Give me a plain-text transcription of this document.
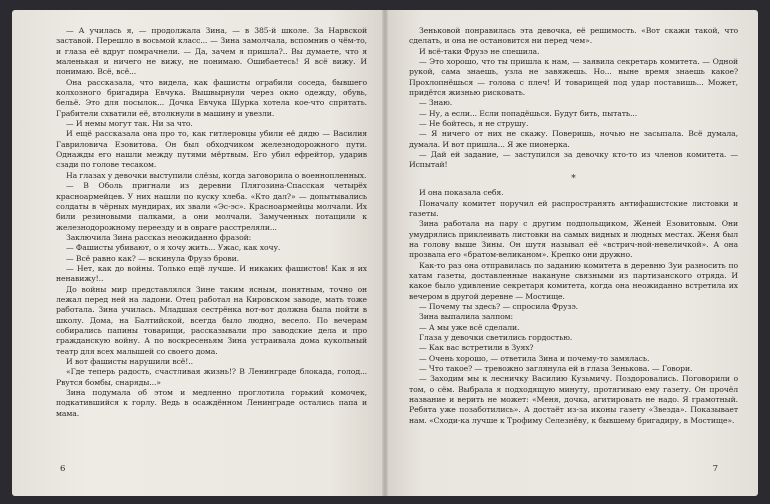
— А училась я, — продолжала Зина, — в 385-й школе. За Нарвской заставой. Перешло в восьмой класс... — Зина замолчала, вспомнив о чём-то, и глаза её вдруг помрачнели. — Да, зачем я пришла?.. Вы думаете, что я маленькая и ничего не вижу, не понимаю. Ошибаетесь! Я всё вижу. И понимаю. Всё, всё...

Она рассказала, что видела, как фашисты ограбили соседа, бывшего колхозного бригадира Евчука. Вышвырнули через окно одежду, обувь, бельё. Это для посылок... Дочка Евчука Шурка хотела кое-что спрятать. Грабители схватили её, втолкнули в машину и увезли.

— И немы могут так. Ни за что.

И ещё рассказала она про то, как гитлеровцы убили её дядю — Василия Гавриловича Езовитова. Он был обходчиком железнодорожного пути. Однажды его нашли между путями мёртвым. Его убил ефрейтор, ударив сзади по голове тесаком.

На глазах у девочки выступили слёзы, когда заговорила о военнопленных.

— В Оболь пригнали из деревни Плягозина-Спасская четырёх красноармейцев. У них нашли по куску хлеба. «Кто дал?» — допытывались солдаты в чёрных мундирах, их звали «Эс-эс». Красноармейцы молчали. Их били резиновыми палками, а они молчали. Замученных потащили к железнодорожному переезду и в овраге расстреляли...

Заключила Зина рассказ неожиданно фразой:

— Фашисты убивают, о я хочу жить... Ужас, как хочу.

— Всё равно как? — вскинула Фрузэ брови.

— Нет, как до войны. Только ещё лучше. И никаких фашистов! Как я их ненавижу!..

До войны мир представлялся Зине таким ясным, понятным, точно он лежал перед ней на ладони. Отец работал на Кировском заводе, мать тоже работала. Зина училась. Младшая сестрёнка вот-вот должна была пойти в школу. Дома, на Балтийской, всегда было людно, весело. По вечерам собирались папины товарищи, рассказывали про заводские дела и про гражданскую войну. А по воскресеньям Зина устраивала дома кукольный театр для всех малышей со своего дома.

И вот фашисты нарушили всё!..

«Где теперь радость, счастливая жизнь!? В Ленинграде блокада, голод... Рвутся бомбы, снаряды...»

Зина подумала об этом и медленно проглотила горький комочек, подкатившийся к горлу. Ведь в осаждённом Ленинграде остались папа и мама.

6

Зеньковой понравилась эта девочка, её решимость. «Вот скажи такой, что сделать, и она не остановится ни перед чем».

И всё-таки Фрузэ не спешила.

— Это хорошо, что ты пришла к нам, — заявила секретарь комитета. — Одной рукой, сама знаешь, узла не завяжешь. Но... ныне время знаешь какое? Прохлопнёшься — голова с плеч! И товарищей под удар поставишь... Может, придётся жизнью рисковать.

— Знаю.

— Ну, а если... Если попадёшься. Будут бить, пытать...

— Не бойтесь, я не струшу.

— Я ничего от них не скажу. Поверишь, ночью не засыпала. Всё думала, думала. И вот пришла... Я же пионерка.

— Дай ей задание, — заступился за девочку кто-то из членов комитета. — Испытай!

*

И она показала себя.

Поначалу комитет поручил ей распространять антифашистские листовки и газеты.

Зина работала на пару с другим подпольщиком, Женей Езовитовым. Они умудрялись приклеивать листовки на самых видных и людных местах. Женя был на голову выше Зины. Он шутя называл её «встрич-ной-невеличкой». А она прозвала его «братом-великаном». Крепко они дружно.

Как-то раз она отправилась по заданию комитета в деревню Зуи разносить по хатам газеты, доставленные накануне связными из партизанского отряда. И какое было удивление секретаря комитета, когда она неожиданно встретила их вечером в другой деревне — Мостище.

— Почему ты здесь? — спросила Фрузэ.

Зина выпалила залпом:

— А мы уже всё сделали.

Глаза у девочки светились гордостью.

— Как вас встретили в Зуях?

— Очень хорошо, — ответила Зина и почему-то замялась.

— Что такое? — тревожно заглянула ей в глаза Зенькова. — Говори.

— Заходим мы к лесничку Василию Кузьмичу. Поздоровались. Поговорили о том, о сём. Выбрала я подходящую минуту, протягиваю ему газету. Он прочёл название и верить не может: «Меня, дочка, агитировать не надо. Я грамотный. Ребята уже позаботились». А достаёт из-за иконы газету «Звезда». Показывает нам. «Сходи-ка лучше к Трофиму Селезнёву, к бывшему бригадиру, в Мостище».

7
